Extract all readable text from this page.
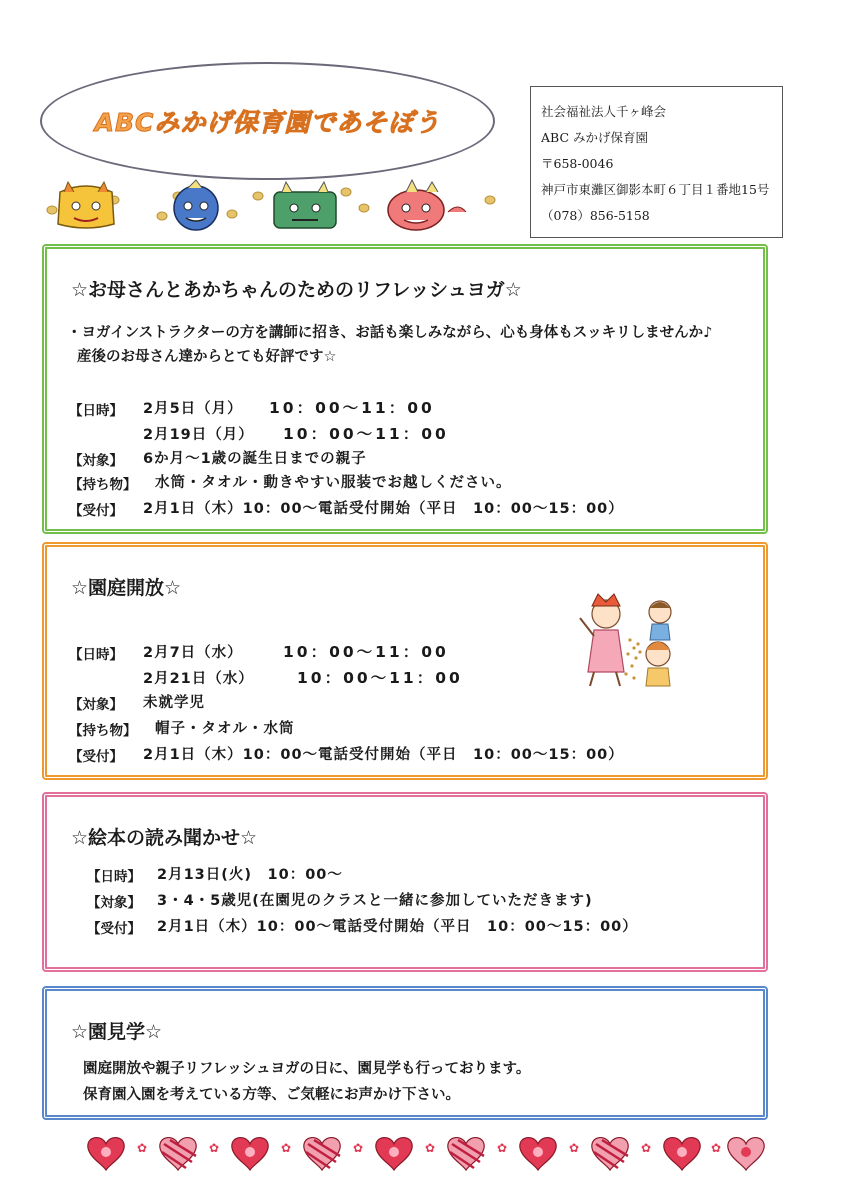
ABCみかげ保育園であそぼう	社会福祉法人千ヶ峰会
ABC みかげ保育園
〒658-0046
神戸市東灘区御影本町６丁目１番地15号
（078）856-5158
☆お母さんとあかちゃんのためのリフレッシュヨガ☆
・ヨガインストラクターの方を講師に招き、お話も楽しみながら、心も身体もスッキリしませんか♪
産後のお母さん達からとても好評です☆
【日時】 2月5日（月） 10：00～11：00
2月19日（月） 10：00～11：00
【対象】 6か月～1歳の誕生日までの親子
【持ち物】 水筒・タオル・動きやすい服装でお越しください。
【受付】 2月1日（木）10：00～電話受付開始（平日　10：00～15：00）
☆園庭開放☆
【日時】 2月7日（水）	10：00～11：00
2月21日（水）	10：00～11：00
【対象】 未就学児
【持ち物】 帽子・タオル・水筒
【受付】 2月1日（木）10：00～電話受付開始（平日　10：00～15：00）
☆絵本の読み聞かせ☆
【日時】 2月13日(火)　10：00～
【対象】 3・4・5歳児(在園児のクラスと一緒に参加していただきます)
【受付】 2月1日（木）10：00～電話受付開始（平日　10：00～15：00）
☆園見学☆
園庭開放や親子リフレッシュヨガの日に、園見学も行っております。
保育園入園を考えている方等、ご気軽にお声かけ下さい。
✿	✿	✿	✿	✿	✿	✿	✿	✿
